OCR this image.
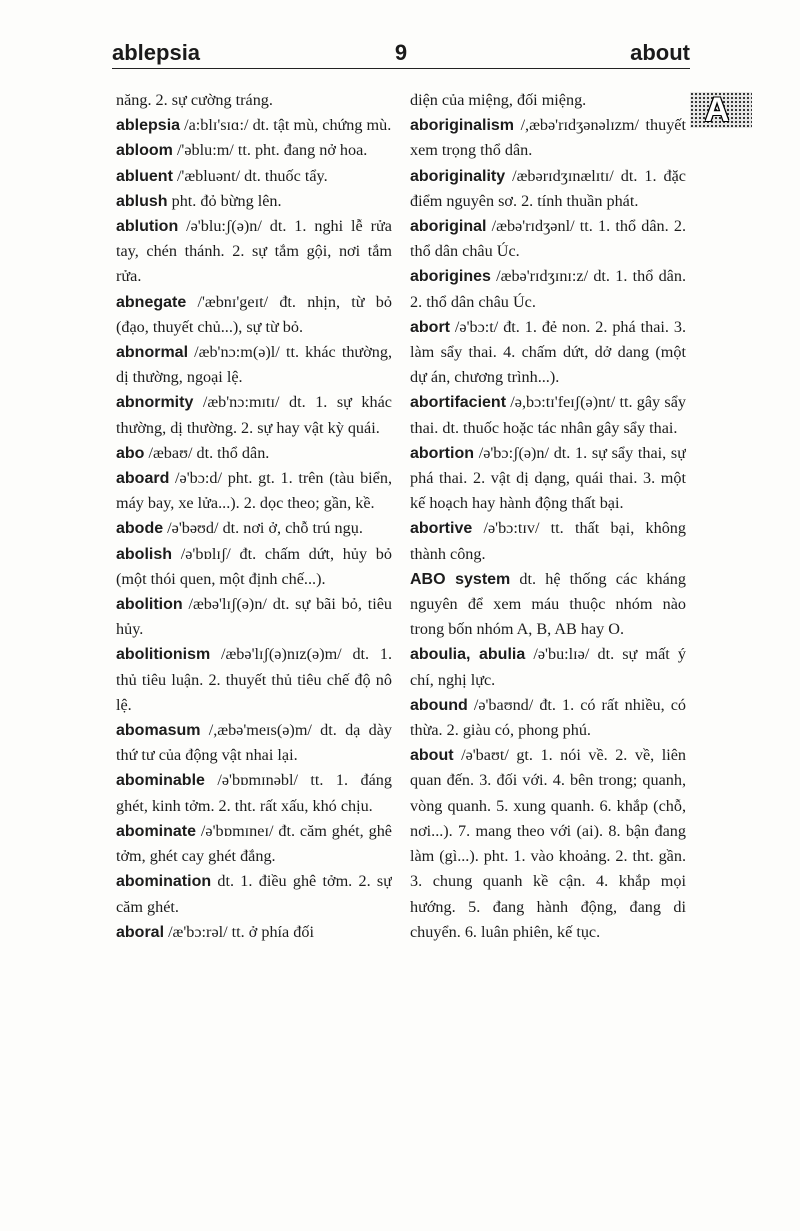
ablepsia	9	about
A

năng. 2. sự cường tráng.

ablepsia /a:blɪ'sɪɑ:/ dt. tật mù, chứng mù.

abloom /'əblu:m/ tt. pht. đang nở hoa.

abluent /'æbluənt/ dt. thuốc tẩy.

ablush pht. đỏ bừng lên.

ablution /ə'blu:ʃ(ə)n/ dt. 1. nghi lễ rửa tay, chén thánh. 2. sự tắm gội, nơi tắm rửa.

abnegate /'æbnɪ'geɪt/ đt. nhịn, từ bỏ (đạo, thuyết chủ...), sự từ bỏ.

abnormal /æb'nɔ:m(ə)l/ tt. khác thường, dị thường, ngoại lệ.

abnormity /æb'nɔ:mɪtɪ/ dt. 1. sự khác thường, dị thường. 2. sự hay vật kỳ quái.

abo /æbaʊ/ dt. thổ dân.

aboard /ə'bɔ:d/ pht. gt. 1. trên (tàu biển, máy bay, xe lửa...). 2. dọc theo; gần, kề.

abode /ə'bəʊd/ dt. nơi ở, chỗ trú ngụ.

abolish /ə'bɒlɪʃ/ đt. chấm dứt, hủy bỏ (một thói quen, một định chế...).

abolition /æbə'lɪʃ(ə)n/ dt. sự bãi bỏ, tiêu hủy.

abolitionism /æbə'lɪʃ(ə)nɪz(ə)m/ dt. 1. thủ tiêu luận. 2. thuyết thủ tiêu chế độ nô lệ.

abomasum /,æbə'meɪs(ə)m/ dt. dạ dày thứ tư của động vật nhai lại.

abominable /ə'bɒmɪnəbl/ tt. 1. đáng ghét, kinh tởm. 2. tht. rất xấu, khó chịu.

abominate /ə'bɒmɪneɪ/ đt. căm ghét, ghê tởm, ghét cay ghét đắng.

abomination dt. 1. điều ghê tởm. 2. sự căm ghét.

aboral /æ'bɔ:rəl/ tt. ở phía đối

diện của miệng, đối miệng.

aboriginalism /,æbə'rɪdʒənəlɪzm/ thuyết xem trọng thổ dân.

aboriginality /æbərɪdʒɪnælɪtɪ/ dt. 1. đặc điểm nguyên sơ. 2. tính thuần phát.

aboriginal /æbə'rɪdʒənl/ tt. 1. thổ dân. 2. thổ dân châu Úc.

aborigines /æbə'rɪdʒɪnɪ:z/ dt. 1. thổ dân. 2. thổ dân châu Úc.

abort /ə'bɔ:t/ đt. 1. đẻ non. 2. phá thai. 3. làm sẩy thai. 4. chấm dứt, dở dang (một dự án, chương trình...).

abortifacient /ə,bɔ:tɪ'feɪʃ(ə)nt/ tt. gây sẩy thai. dt. thuốc hoặc tác nhân gây sẩy thai.

abortion /ə'bɔ:ʃ(ə)n/ dt. 1. sự sẩy thai, sự phá thai. 2. vật dị dạng, quái thai. 3. một kế hoạch hay hành động thất bại.

abortive /ə'bɔ:tɪv/ tt. thất bại, không thành công.

ABO system dt. hệ thống các kháng nguyên để xem máu thuộc nhóm nào trong bốn nhóm A, B, AB hay O.

aboulia, abulia /ə'bu:lɪə/ dt. sự mất ý chí, nghị lực.

abound /ə'baʊnd/ đt. 1. có rất nhiều, có thừa. 2. giàu có, phong phú.

about /ə'baʊt/ gt. 1. nói về. 2. về, liên quan đến. 3. đối với. 4. bên trong; quanh, vòng quanh. 5. xung quanh. 6. khắp (chỗ, nơi...). 7. mang theo với (ai). 8. bận đang làm (gì...). pht. 1. vào khoảng. 2. tht. gần. 3. chung quanh kề cận. 4. khắp mọi hướng. 5. đang hành động, đang di chuyển. 6. luân phiên, kế tục.
